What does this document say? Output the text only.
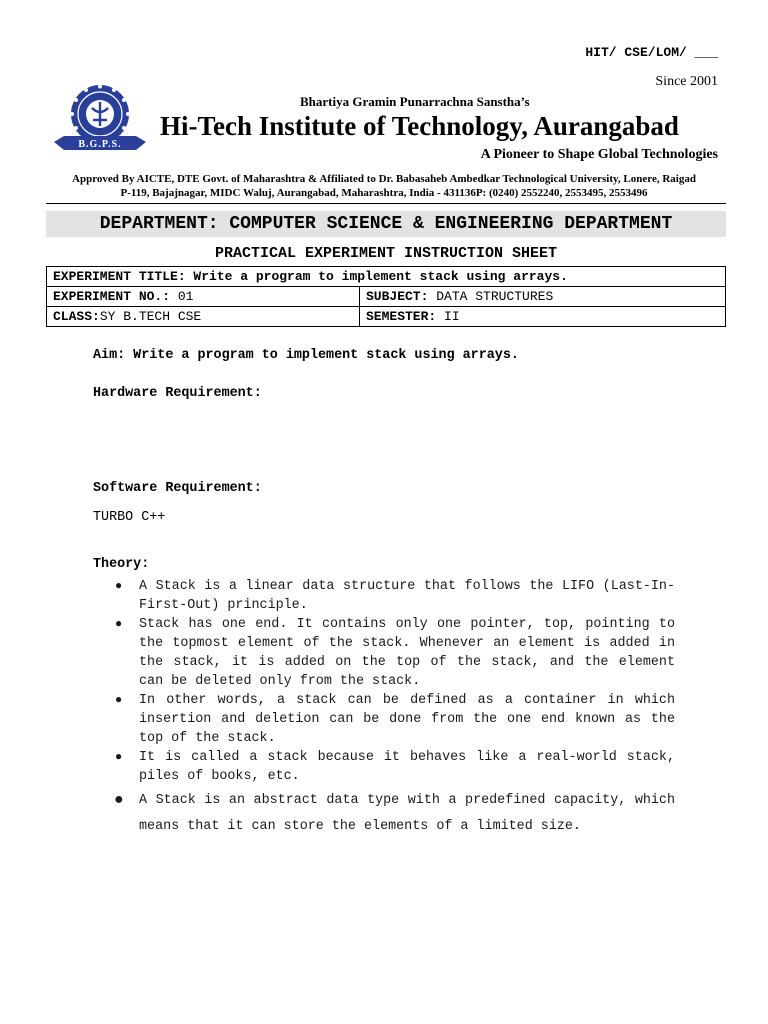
HIT/ CSE/LOM/ ___
Since 2001
B.G.P.S.
Bhartiya Gramin Punarrachna Sanstha’s
Hi-Tech Institute of Technology, Aurangabad
A Pioneer to Shape Global Technologies
Approved By AICTE, DTE Govt. of Maharashtra & Affiliated to Dr. Babasaheb Ambedkar Technological University, Lonere, Raigad
P-119, Bajajnagar, MIDC Waluj, Aurangabad, Maharashtra, India - 431136P: (0240) 2552240, 2553495, 2553496
DEPARTMENT: COMPUTER SCIENCE & ENGINEERING DEPARTMENT
PRACTICAL EXPERIMENT INSTRUCTION SHEET
EXPERIMENT TITLE: Write a program to implement stack using arrays.	
EXPERIMENT NO.: 01	SUBJECT: DATA STRUCTURES
CLASS:SY B.TECH CSE	SEMESTER: II
Aim: Write a program to implement stack using arrays.
Hardware Requirement:
Software Requirement:
TURBO C++
Theory:
● A Stack is a linear data structure that follows the LIFO (Last-In-First-Out) principle.
● Stack has one end. It contains only one pointer, top, pointing to the topmost element of the stack. Whenever an element is added in the stack, it is added on the top of the stack, and the element can be deleted only from the stack.
● In other words, a stack can be defined as a container in which insertion and deletion can be done from the one end known as the top of the stack.
● It is called a stack because it behaves like a real-world stack, piles of books, etc.
● A Stack is an abstract data type with a predefined capacity, which means that it can store the elements of a limited size.
